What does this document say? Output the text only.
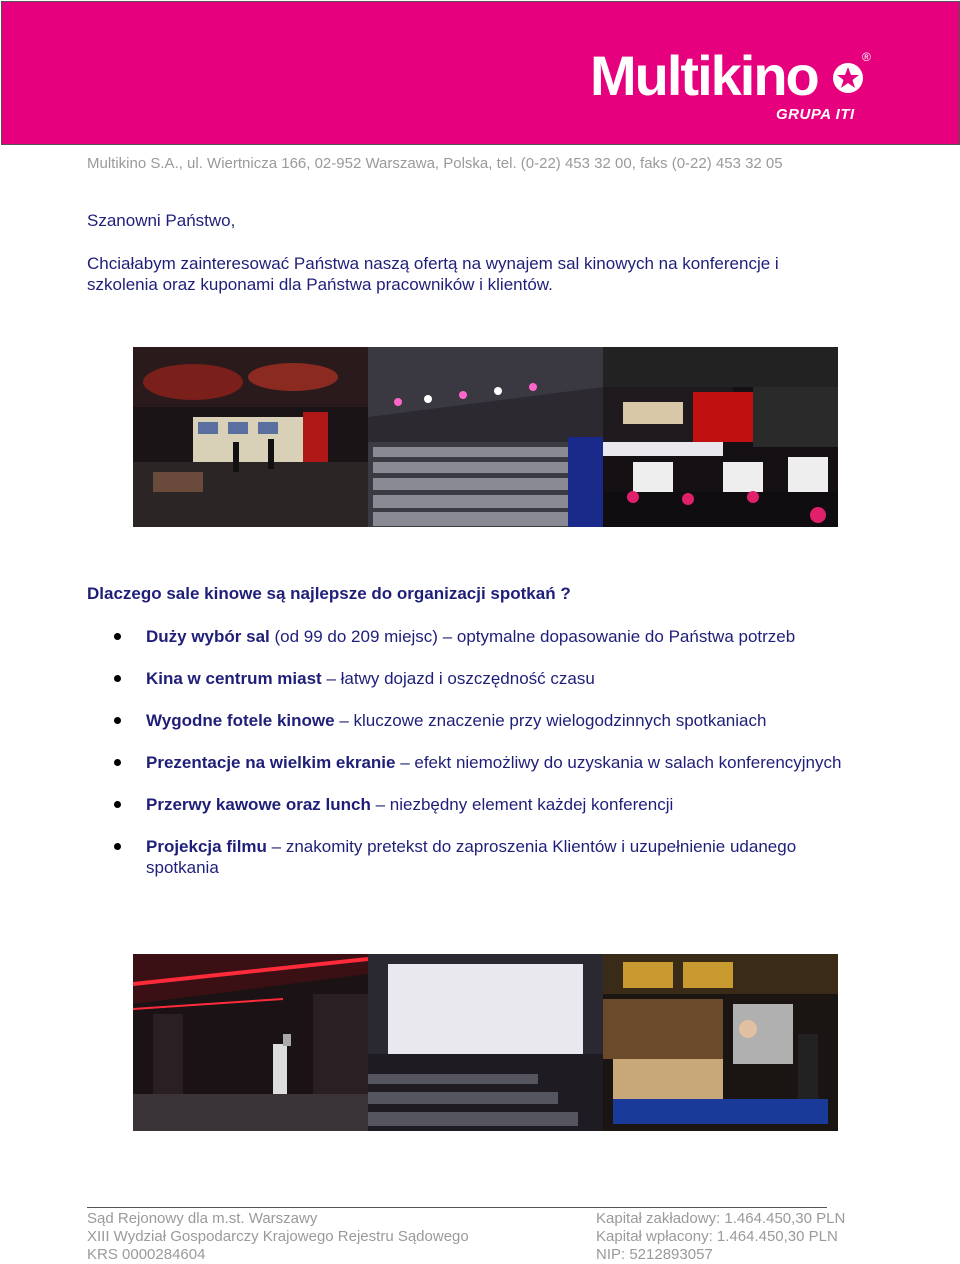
Multikino	®
GRUPA ITI
Multikino S.A., ul. Wiertnicza 166, 02-952 Warszawa, Polska, tel. (0-22) 453 32 00, faks (0-22) 453 32 05
Szanowni Państwo,
Chciałabym zainteresować Państwa naszą ofertą na wynajem sal kinowych na konferencje i szkolenia oraz kuponami dla Państwa pracowników i klientów.
Dlaczego sale kinowe są najlepsze do organizacji spotkań ?
Duży wybór sal (od 99 do 209 miejsc) – optymalne dopasowanie do Państwa potrzeb
Kina w centrum miast – łatwy dojazd i oszczędność czasu
Wygodne fotele kinowe – kluczowe znaczenie przy wielogodzinnych spotkaniach
Prezentacje na wielkim ekranie – efekt niemożliwy do uzyskania w salach konferencyjnych
Przerwy kawowe oraz lunch – niezbędny element każdej konferencji
Projekcja filmu – znakomity pretekst do zaproszenia Klientów i uzupełnienie udanego spotkania
Sąd Rejonowy dla m.st. Warszawy
XIII Wydział Gospodarczy Krajowego Rejestru Sądowego
KRS 0000284604
Kapitał zakładowy: 1.464.450,30 PLN
Kapitał wpłacony: 1.464.450,30 PLN
NIP: 5212893057
